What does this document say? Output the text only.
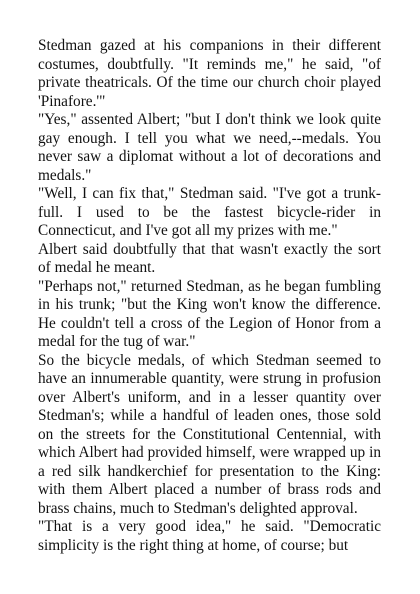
Stedman gazed at his companions in their different costumes, doubtfully. "It reminds me," he said, "of private theatricals. Of the time our church choir played 'Pinafore.'"

"Yes," assented Albert; "but I don't think we look quite gay enough. I tell you what we need,--medals. You never saw a diplomat without a lot of decorations and medals."

"Well, I can fix that," Stedman said. "I've got a trunk-full. I used to be the fastest bicycle-rider in Connecticut, and I've got all my prizes with me."

Albert said doubtfully that that wasn't exactly the sort of medal he meant.

"Perhaps not," returned Stedman, as he began fumbling in his trunk; "but the King won't know the difference. He couldn't tell a cross of the Legion of Honor from a medal for the tug of war."

So the bicycle medals, of which Stedman seemed to have an innumerable quantity, were strung in profusion over Albert's uniform, and in a lesser quantity over Stedman's; while a handful of leaden ones, those sold on the streets for the Constitutional Centennial, with which Albert had provided himself, were wrapped up in a red silk handkerchief for presentation to the King: with them Albert placed a number of brass rods and brass chains, much to Stedman's delighted approval.

"That is a very good idea," he said. "Democratic simplicity is the right thing at home, of course; but
